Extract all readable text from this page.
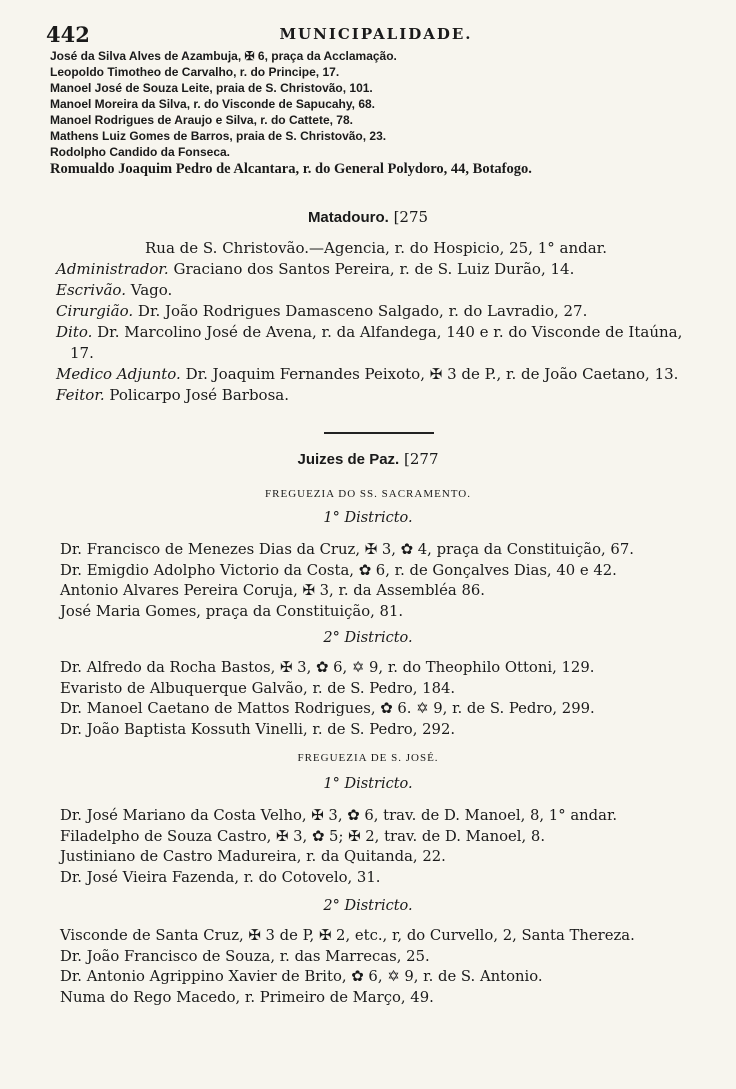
442	MUNICIPALIDADE.
José da Silva Alves de Azambuja, ✠ 6, praça da Acclamação.
Leopoldo Timotheo de Carvalho, r. do Principe, 17.
Manoel José de Souza Leite, praia de S. Christovão, 101.
Manoel Moreira da Silva, r. do Visconde de Sapucahy, 68.
Manoel Rodrigues de Araujo e Silva, r. do Cattete, 78.
Mathens Luiz Gomes de Barros, praia de S. Christovão, 23.
Rodolpho Candido da Fonseca.
Romualdo Joaquim Pedro de Alcantara, r. do General Polydoro, 44, Botafogo.
Matadouro. [275
Rua de S. Christovão.—Agencia, r. do Hospicio, 25, 1° andar.

Administrador. Graciano dos Santos Pereira, r. de S. Luiz Durão, 14.

Escrivão. Vago.

Cirurgião. Dr. João Rodrigues Damasceno Salgado, r. do Lavradio, 27.

Dito. Dr. Marcolino José de Avena, r. da Alfandega, 140 e r. do Visconde de Itaúna, 17.

Medico Adjunto. Dr. Joaquim Fernandes Peixoto, ✠ 3 de P., r. de João Caetano, 13.

Feitor. Policarpo José Barbosa.

Juizes de Paz. [277
FREGUEZIA DO SS. SACRAMENTO.
1° Districto.

Dr. Francisco de Menezes Dias da Cruz, ✠ 3, ✿ 4, praça da Constituição, 67.

Dr. Emigdio Adolpho Victorio da Costa, ✿ 6, r. de Gonçalves Dias, 40 e 42.

Antonio Alvares Pereira Coruja, ✠ 3, r. da Assembléa 86.

José Maria Gomes, praça da Constituição, 81.

2° Districto.

Dr. Alfredo da Rocha Bastos, ✠ 3, ✿ 6, ✡ 9, r. do Theophilo Ottoni, 129.

Evaristo de Albuquerque Galvão, r. de S. Pedro, 184.

Dr. Manoel Caetano de Mattos Rodrigues, ✿ 6. ✡ 9, r. de S. Pedro, 299.

Dr. João Baptista Kossuth Vinelli, r. de S. Pedro, 292.

FREGUEZIA DE S. JOSÉ.
1° Districto.

Dr. José Mariano da Costa Velho, ✠ 3, ✿ 6, trav. de D. Manoel, 8, 1° andar.

Filadelpho de Souza Castro, ✠ 3, ✿ 5; ✠ 2, trav. de D. Manoel, 8.

Justiniano de Castro Madureira, r. da Quitanda, 22.

Dr. José Vieira Fazenda, r. do Cotovelo, 31.

2° Districto.

Visconde de Santa Cruz, ✠ 3 de P, ✠ 2, etc., r, do Curvello, 2, Santa Thereza.

Dr. João Francisco de Souza, r. das Marrecas, 25.

Dr. Antonio Agrippino Xavier de Brito, ✿ 6, ✡ 9, r. de S. Antonio.

Numa do Rego Macedo, r. Primeiro de Março, 49.
